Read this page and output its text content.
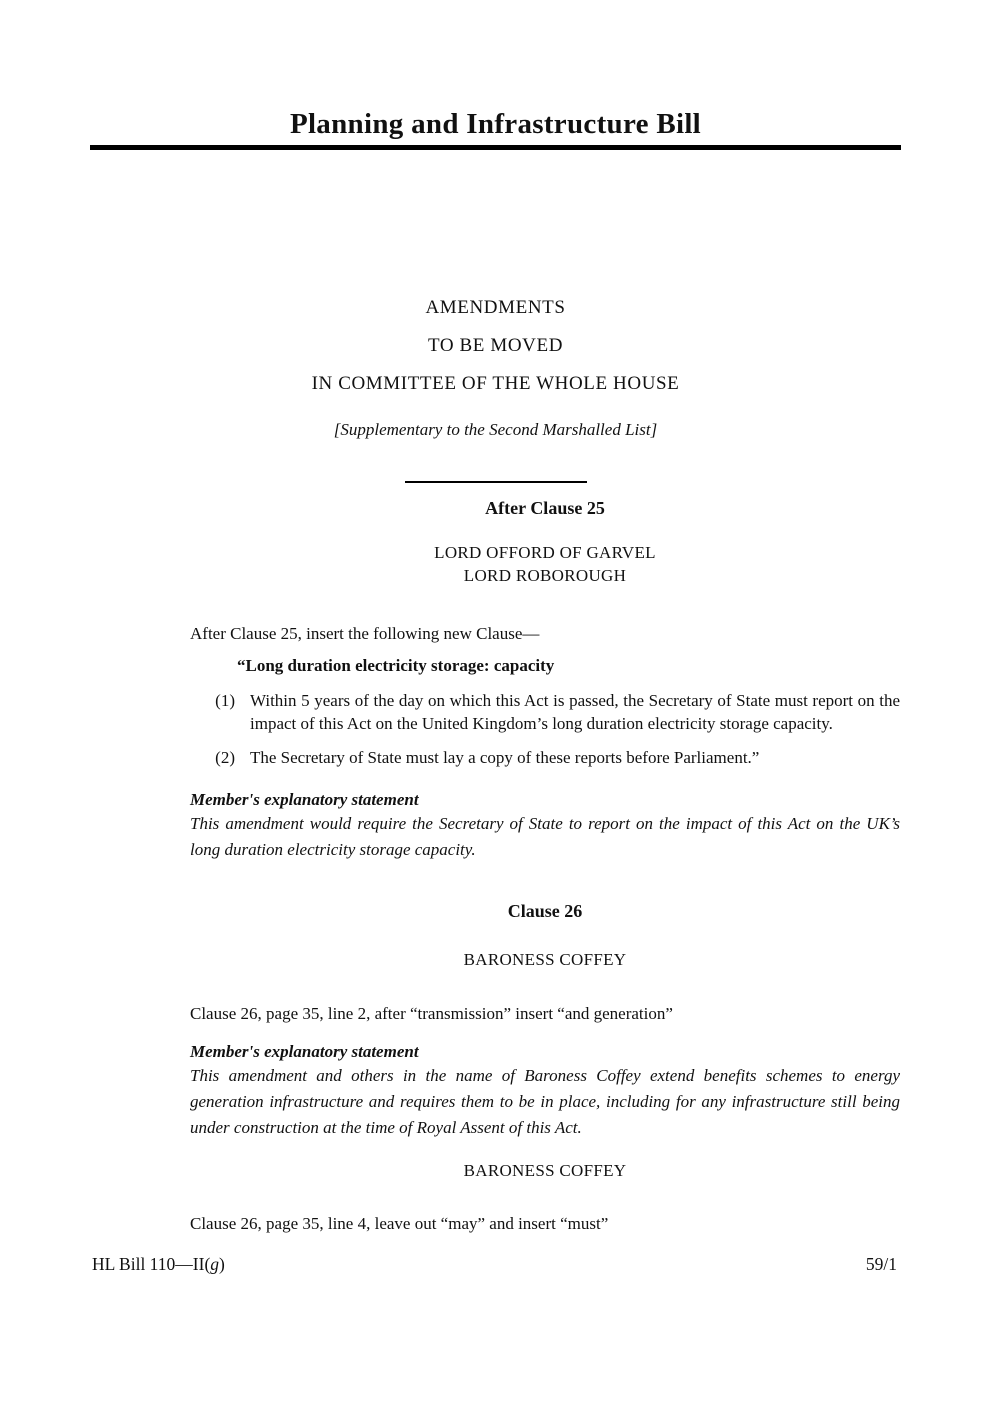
Planning and Infrastructure Bill
AMENDMENTS
TO BE MOVED
IN COMMITTEE OF THE WHOLE HOUSE
[Supplementary to the Second Marshalled List]
After Clause 25
LORD OFFORD OF GARVEL
LORD ROBOROUGH

After Clause 25, insert the following new Clause—

“Long duration electricity storage: capacity

(1) Within 5 years of the day on which this Act is passed, the Secretary of State must report on the impact of this Act on the United Kingdom’s long duration electricity storage capacity.
(2) The Secretary of State must lay a copy of these reports before Parliament.”

Member's explanatory statement

This amendment would require the Secretary of State to report on the impact of this Act on the UK’s long duration electricity storage capacity.

Clause 26
BARONESS COFFEY

Clause 26, page 35, line 2, after “transmission” insert “and generation”

Member's explanatory statement

This amendment and others in the name of Baroness Coffey extend benefits schemes to energy generation infrastructure and requires them to be in place, including for any infrastructure still being under construction at the time of Royal Assent of this Act.

BARONESS COFFEY

Clause 26, page 35, line 4, leave out “may” and insert “must”

HL Bill 110—II(g)	59/1
